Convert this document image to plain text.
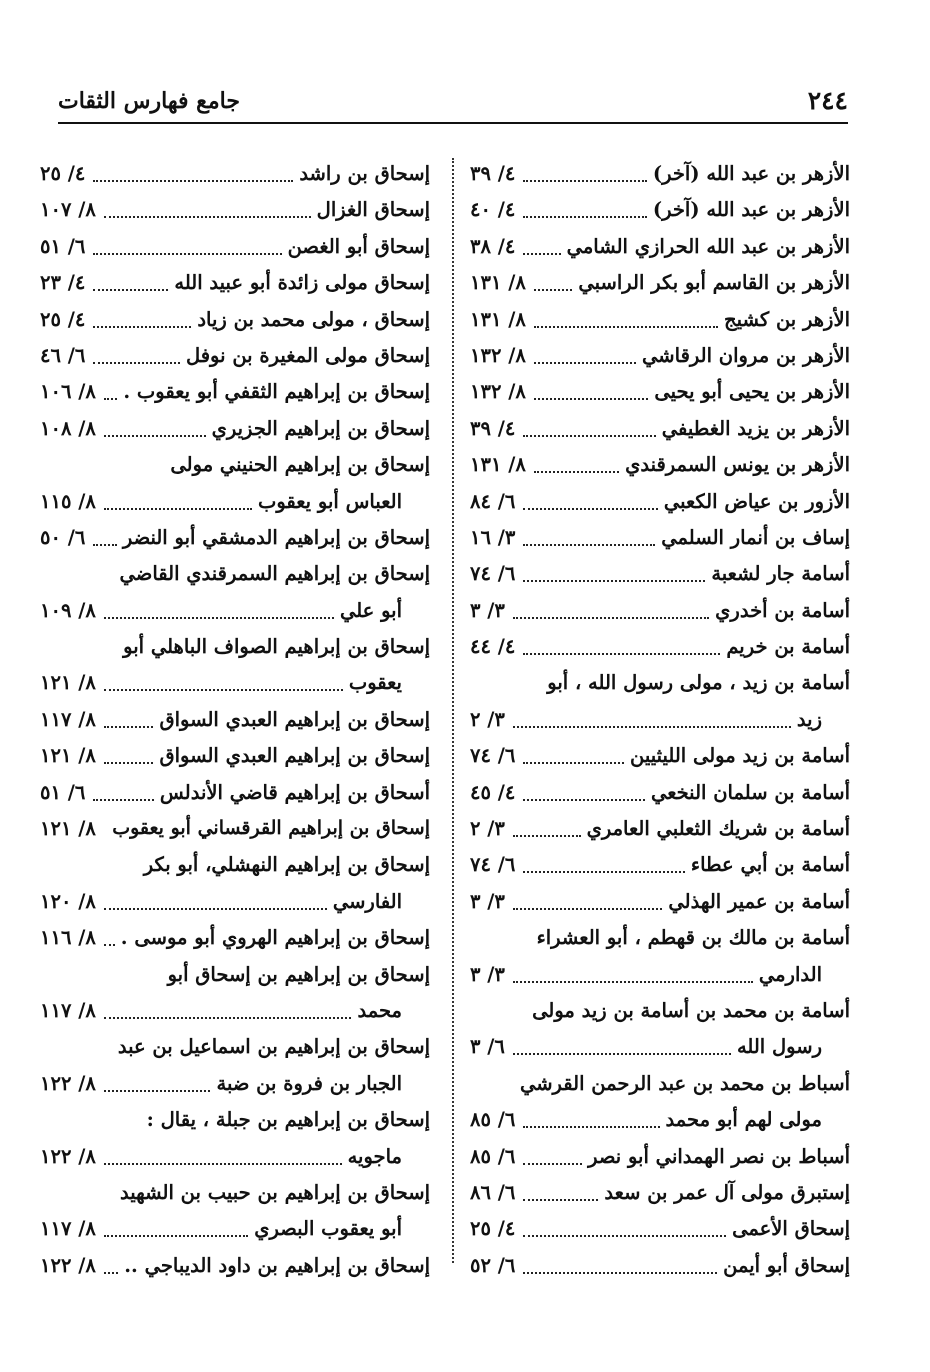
٢٤٤
جامع فهارس الثقات
الأزهر بن عبد الله (آخر)
٤/ ٣٩
الأزهر بن عبد الله (آخر)
٤/ ٤٠
الأزهر بن عبد الله الحرازي الشامي
٤/ ٣٨
الأزهر بن القاسم أبو بكر الراسبي
٨/ ١٣١
الأزهر بن كشيج
٨/ ١٣١
الأزهر بن مروان الرقاشي
٨/ ١٣٢
الأزهر بن يحيى أبو يحيى
٨/ ١٣٢
الأزهر بن يزيد الغطيفي
٤/ ٣٩
الأزهر بن يونس السمرقندي
٨/ ١٣١
الأزور بن عياض الكعبي
٦/ ٨٤
إساف بن أنمار السلمي
٣/ ١٦
أسامة جار لشعبة
٦/ ٧٤
أسامة بن أخدري
٣/ ٣
أسامة بن خريم
٤/ ٤٤
أسامة بن زيد ، مولى رسول الله ، أبو
زيد
٣/ ٢
أسامة بن زيد مولى الليثيين
٦/ ٧٤
أسامة بن سلمان النخعي
٤/ ٤٥
أسامة بن شريك الثعلبي العامري
٣/ ٢
أسامة بن أبي عطاء
٦/ ٧٤
أسامة بن عمير الهذلي
٣/ ٣
أسامة بن مالك بن قهطم ، أبو العشراء
الدارمي
٣/ ٣
أسامة بن محمد بن أسامة بن زيد مولى
رسول الله
٦/ ٣
أسباط بن محمد بن عبد الرحمن القرشي
مولى لهم أبو محمد
٦/ ٨٥
أسباط بن نصر الهمداني أبو نصر
٦/ ٨٥
إستبرق مولى آل عمر بن سعد
٦/ ٨٦
إسحاق الأعمى
٤/ ٢٥
إسحاق أبو أيمن
٦/ ٥٢
إسحاق بن راشد
٤/ ٢٥
إسحاق الغزال
٨/ ١٠٧
إسحاق أبو الغصن
٦/ ٥١
إسحاق مولى زائدة أبو عبيد الله
٤/ ٢٣
إسحاق ، مولى محمد بن زياد
٤/ ٢٥
إسحاق مولى المغيرة بن نوفل
٦/ ٤٦
إسحاق بن إبراهيم الثقفي أبو يعقوب .
٨/ ١٠٦
إسحاق بن إبراهيم الجزيري
٨/ ١٠٨
إسحاق بن إبراهيم الحنيني مولى
العباس أبو يعقوب
٨/ ١١٥
إسحاق بن إبراهيم الدمشقي أبو النضر
٦/ ٥٠
إسحاق بن إبراهيم السمرقندي القاضي
أبو علي
٨/ ١٠٩
إسحاق بن إبراهيم الصواف الباهلي أبو
يعقوب
٨/ ١٢١
إسحاق بن إبراهيم العبدي السواق
٨/ ١١٧
إسحاق بن إبراهيم العبدي السواق
٨/ ١٢١
أسحاق بن إبراهيم قاضي الأندلس
٦/ ٥١
إسحاق بن إبراهيم القرقساني أبو يعقوب
٨/ ١٢١
إسحاق بن إبراهيم النهشلي، أبو بكر
الفارسي
٨/ ١٢٠
إسحاق بن إبراهيم الهروي أبو موسى .
٨/ ١١٦
إسحاق بن إبراهيم بن إسحاق أبو
محمد
٨/ ١١٧
إسحاق بن إبراهيم بن اسماعيل بن عبد
الجبار بن فروة بن ضبة
٨/ ١٢٢
إسحاق بن إبراهيم بن جبلة ، يقال :
ماجويه
٨/ ١٢٢
إسحاق بن إبراهيم بن حبيب بن الشهيد
أبو يعقوب البصري
٨/ ١١٧
إسحاق بن إبراهيم بن داود الديباجي ..
٨/ ١٢٢
